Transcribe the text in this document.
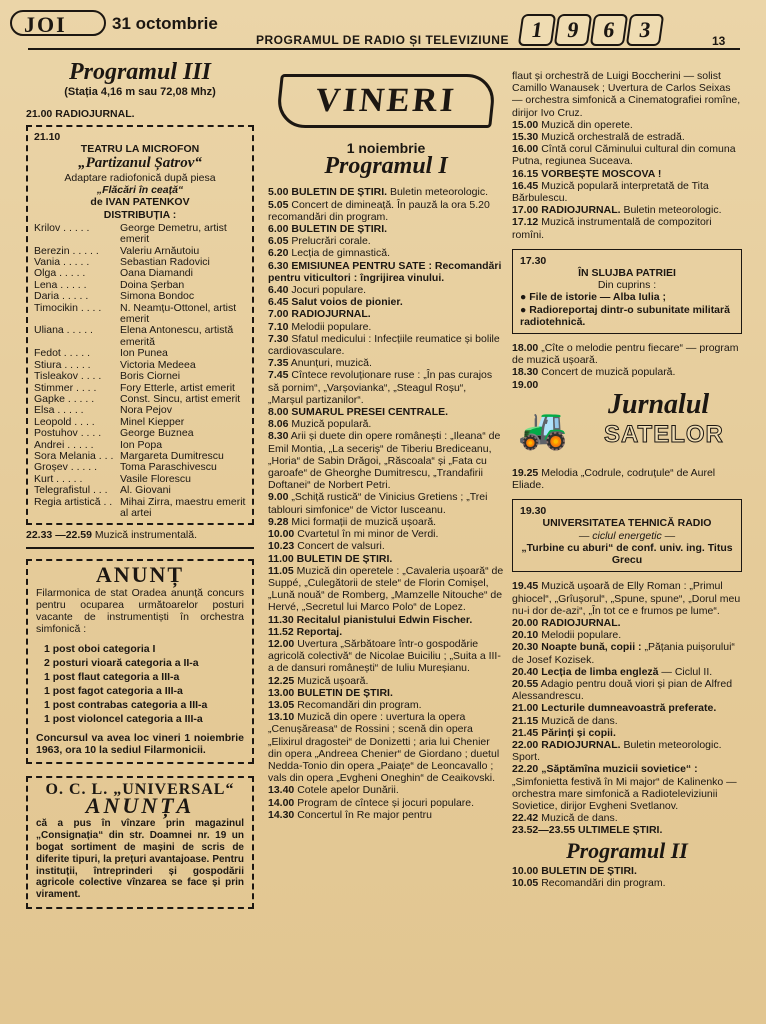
JOI	31 octombrie
PROGRAMUL DE RADIO ȘI TELEVIZIUNE 1 9 6 3	13
Programul III
(Stația 4,16 m sau 72,08 Mhz)
21.00 RADIOJURNAL.
21.10
TEATRU LA MICROFON
„Partizanul Șatrov“
Adaptare radiofonică după piesa
„Flăcări în ceață“
de IVAN PATENKOV
DISTRIBUȚIA :
Krilov . . . . .	George Demetru, artist emerit
Berezin . . . . .	Valeriu Arnăutoiu
Vania . . . . .	Sebastian Radovici
Olga . . . . .	Oana Diamandi
Lena . . . . .	Doina Șerban
Daria . . . . .	Simona Bondoc
Timocikin . . . .	N. Neamțu-Ottonel, artist emerit
Uliana . . . . .	Elena Antonescu, artistă emerită
Fedot . . . . .	Ion Punea
Stiura . . . . .	Victoria Medeea
Tisleakov . . . .	Boris Ciornei
Stimmer . . . .	Fory Etterle, artist emerit
Gapke . . . . .	Const. Sincu, artist emerit
Elsa . . . . .	Nora Pejov
Leopold . . . .	Minel Kiepper
Postuhov . . . .	George Buznea
Andrei . . . . .	Ion Popa
Sora Melania . . . Margareta Dumitrescu
Groșev . . . . .	Toma Paraschivescu
Kurt . . . . .	Vasile Florescu
Telegrafistul . . .	Al. Giovani
Regia artistică . . Mihai Zirra, maestru emerit al artei
22.33 —22.59 Muzică instrumentală.
ANUNȚ
Filarmonica de stat Oradea anunță concurs pentru ocuparea următoarelor posturi vacante de instrumentiști în orchestra simfonică :
1 post oboi categoria I
2 posturi vioară categoria a II-a
1 post flaut categoria a III-a
1 post fagot categoria a III-a
1 post contrabas categoria a III-a
1 post violoncel categoria a III-a
Concursul va avea loc vineri 1 noiembrie 1963, ora 10 la sediul Filarmonicii.
O. C. L. „UNIVERSAL“
ANUNȚA
că a pus în vînzare prin magazinul „Consignația“ din str. Doamnei nr. 19 un bogat sortiment de mașini de scris de diferite tipuri, la prețuri avantajoase. Pentru instituții, întreprinderi și gospodării agricole colective vînzarea se face și prin virament.
VINERI
1 noiembrie
Programul I
5.00 BULETIN DE ȘTIRI. Buletin meteorologic.
5.05 Concert de dimineață. În pauză la ora 5.20 recomandări din program.
6.00 BULETIN DE ȘTIRI.
6.05 Prelucrări corale.
6.20 Lecția de gimnastică.
6.30 EMISIUNEA PENTRU SATE : Recomandări pentru viticultori : îngrijirea vinului.
6.40 Jocuri populare.
6.45 Salut voios de pionier.
7.00 RADIOJURNAL.
7.10 Melodii populare.
7.30 Sfatul medicului : Infecțiile reumatice și bolile cardiovasculare.
7.35 Anunțuri, muzică.
7.45 Cîntece revoluționare ruse : „În pas curajos să pornim“, „Varșovianka“, „Steagul Roșu“, „Marșul partizanilor“.
8.00 SUMARUL PRESEI CENTRALE.
8.06 Muzică populară.
8.30 Arii și duete din opere românești : „Ileana“ de Emil Montia, „La seceriș“ de Tiberiu Brediceanu, „Horia“ de Sabin Drăgoi, „Răscoala“ și „Fata cu garoafe“ de Gheorghe Dumitrescu, „Trandafirii Doftanei“ de Norbert Petri.
9.00 „Schiță rustică“ de Vinicius Gretiens ; „Trei tablouri simfonice“ de Victor Iusceanu.
9.28 Mici formații de muzică ușoară.
10.00 Cvartetul în mi minor de Verdi.
10.23 Concert de valsuri.
11.00 BULETIN DE ȘTIRI.
11.05 Muzică din operetele : „Cavaleria ușoară“ de Suppé, „Culegătorii de stele“ de Florin Comișel, „Lună nouă“ de Romberg, „Mamzelle Nitouche“ de Hervé, „Secretul lui Marco Polo“ de Lopez.
11.30 Recitalul pianistului Edwin Fischer.
11.52 Reportaj.
12.00 Uvertura „Sărbătoare într-o gospodărie agricolă colectivă“ de Nicolae Buiciliu ; „Suita a III-a de dansuri românești“ de Iuliu Mureșianu.
12.25 Muzică ușoară.
13.00 BULETIN DE ȘTIRI.
13.05 Recomandări din program.
13.10 Muzică din opere : uvertura la opera „Cenușăreasa“ de Rossini ; scenă din opera „Elixirul dragostei“ de Donizetti ; aria lui Chenier din opera „Andreea Chenier“ de Giordano ; duetul Nedda-Tonio din opera „Paiațe“ de Leoncavallo ; vals din opera „Evgheni Oneghin“ de Ceaikovski.
13.40 Cotele apelor Dunării.
14.00 Program de cîntece și jocuri populare.
14.30 Concertul în Re major pentru
flaut și orchestră de Luigi Boccherini — solist Camillo Wanausek ; Uvertura de Carlos Seixas — orchestra simfonică a Cinematografiei romîne, dirijor Ivo Cruz.
15.00 Muzică din operete.
15.30 Muzică orchestrală de estradă.
16.00 Cîntă corul Căminului cultural din comuna Putna, regiunea Suceava.
16.15 VORBEȘTE MOSCOVA !
16.45 Muzică populară interpretată de Tita Bărbulescu.
17.00 RADIOJURNAL. Buletin meteorologic.
17.12 Muzică instrumentală de compozitori romîni.
17.30
ÎN SLUJBA PATRIEI
Din cuprins :
● File de istorie — Alba Iulia ;
● Radioreportaj dintr-o subunitate militară radiotehnică.
18.00 „Cîte o melodie pentru fiecare“ — program de muzică ușoară.
18.30 Concert de muzică populară.
19.00
🚜
Jurnalul
SATELOR
19.25 Melodia „Codrule, codruțule“ de Aurel Eliade.
19.30
UNIVERSITATEA TEHNICĂ RADIO
— ciclul energetic —
„Turbine cu aburi“ de conf. univ. ing. Titus Grecu
19.45 Muzică ușoară de Elly Roman : „Primul ghiocel“, „Grîușorul“, „Spune, spune“, „Dorul meu nu-i dor de-azi“, „În tot ce e frumos pe lume“.
20.00 RADIOJURNAL.
20.10 Melodii populare.
20.30 Noapte bună, copii : „Pățania puișorului“ de Josef Kozisek.
20.40 Lecția de limba engleză — Ciclul II.
20.55 Adagio pentru două viori și pian de Alfred Alessandrescu.
21.00 Lecturile dumneavoastră preferate.
21.15 Muzică de dans.
21.45 Părinți și copii.
22.00 RADIOJURNAL. Buletin meteorologic. Sport.
22.20 „Săptămîna muzicii sovietice“ : „Simfonietta festivă în Mi major“ de Kalinenko — orchestra mare simfonică a Radioteleviziunii Sovietice, dirijor Evgheni Svetlanov.
22.42 Muzică de dans.
23.52—23.55 ULTIMELE ȘTIRI.
Programul II
10.00 BULETIN DE ȘTIRI.
10.05 Recomandări din program.
